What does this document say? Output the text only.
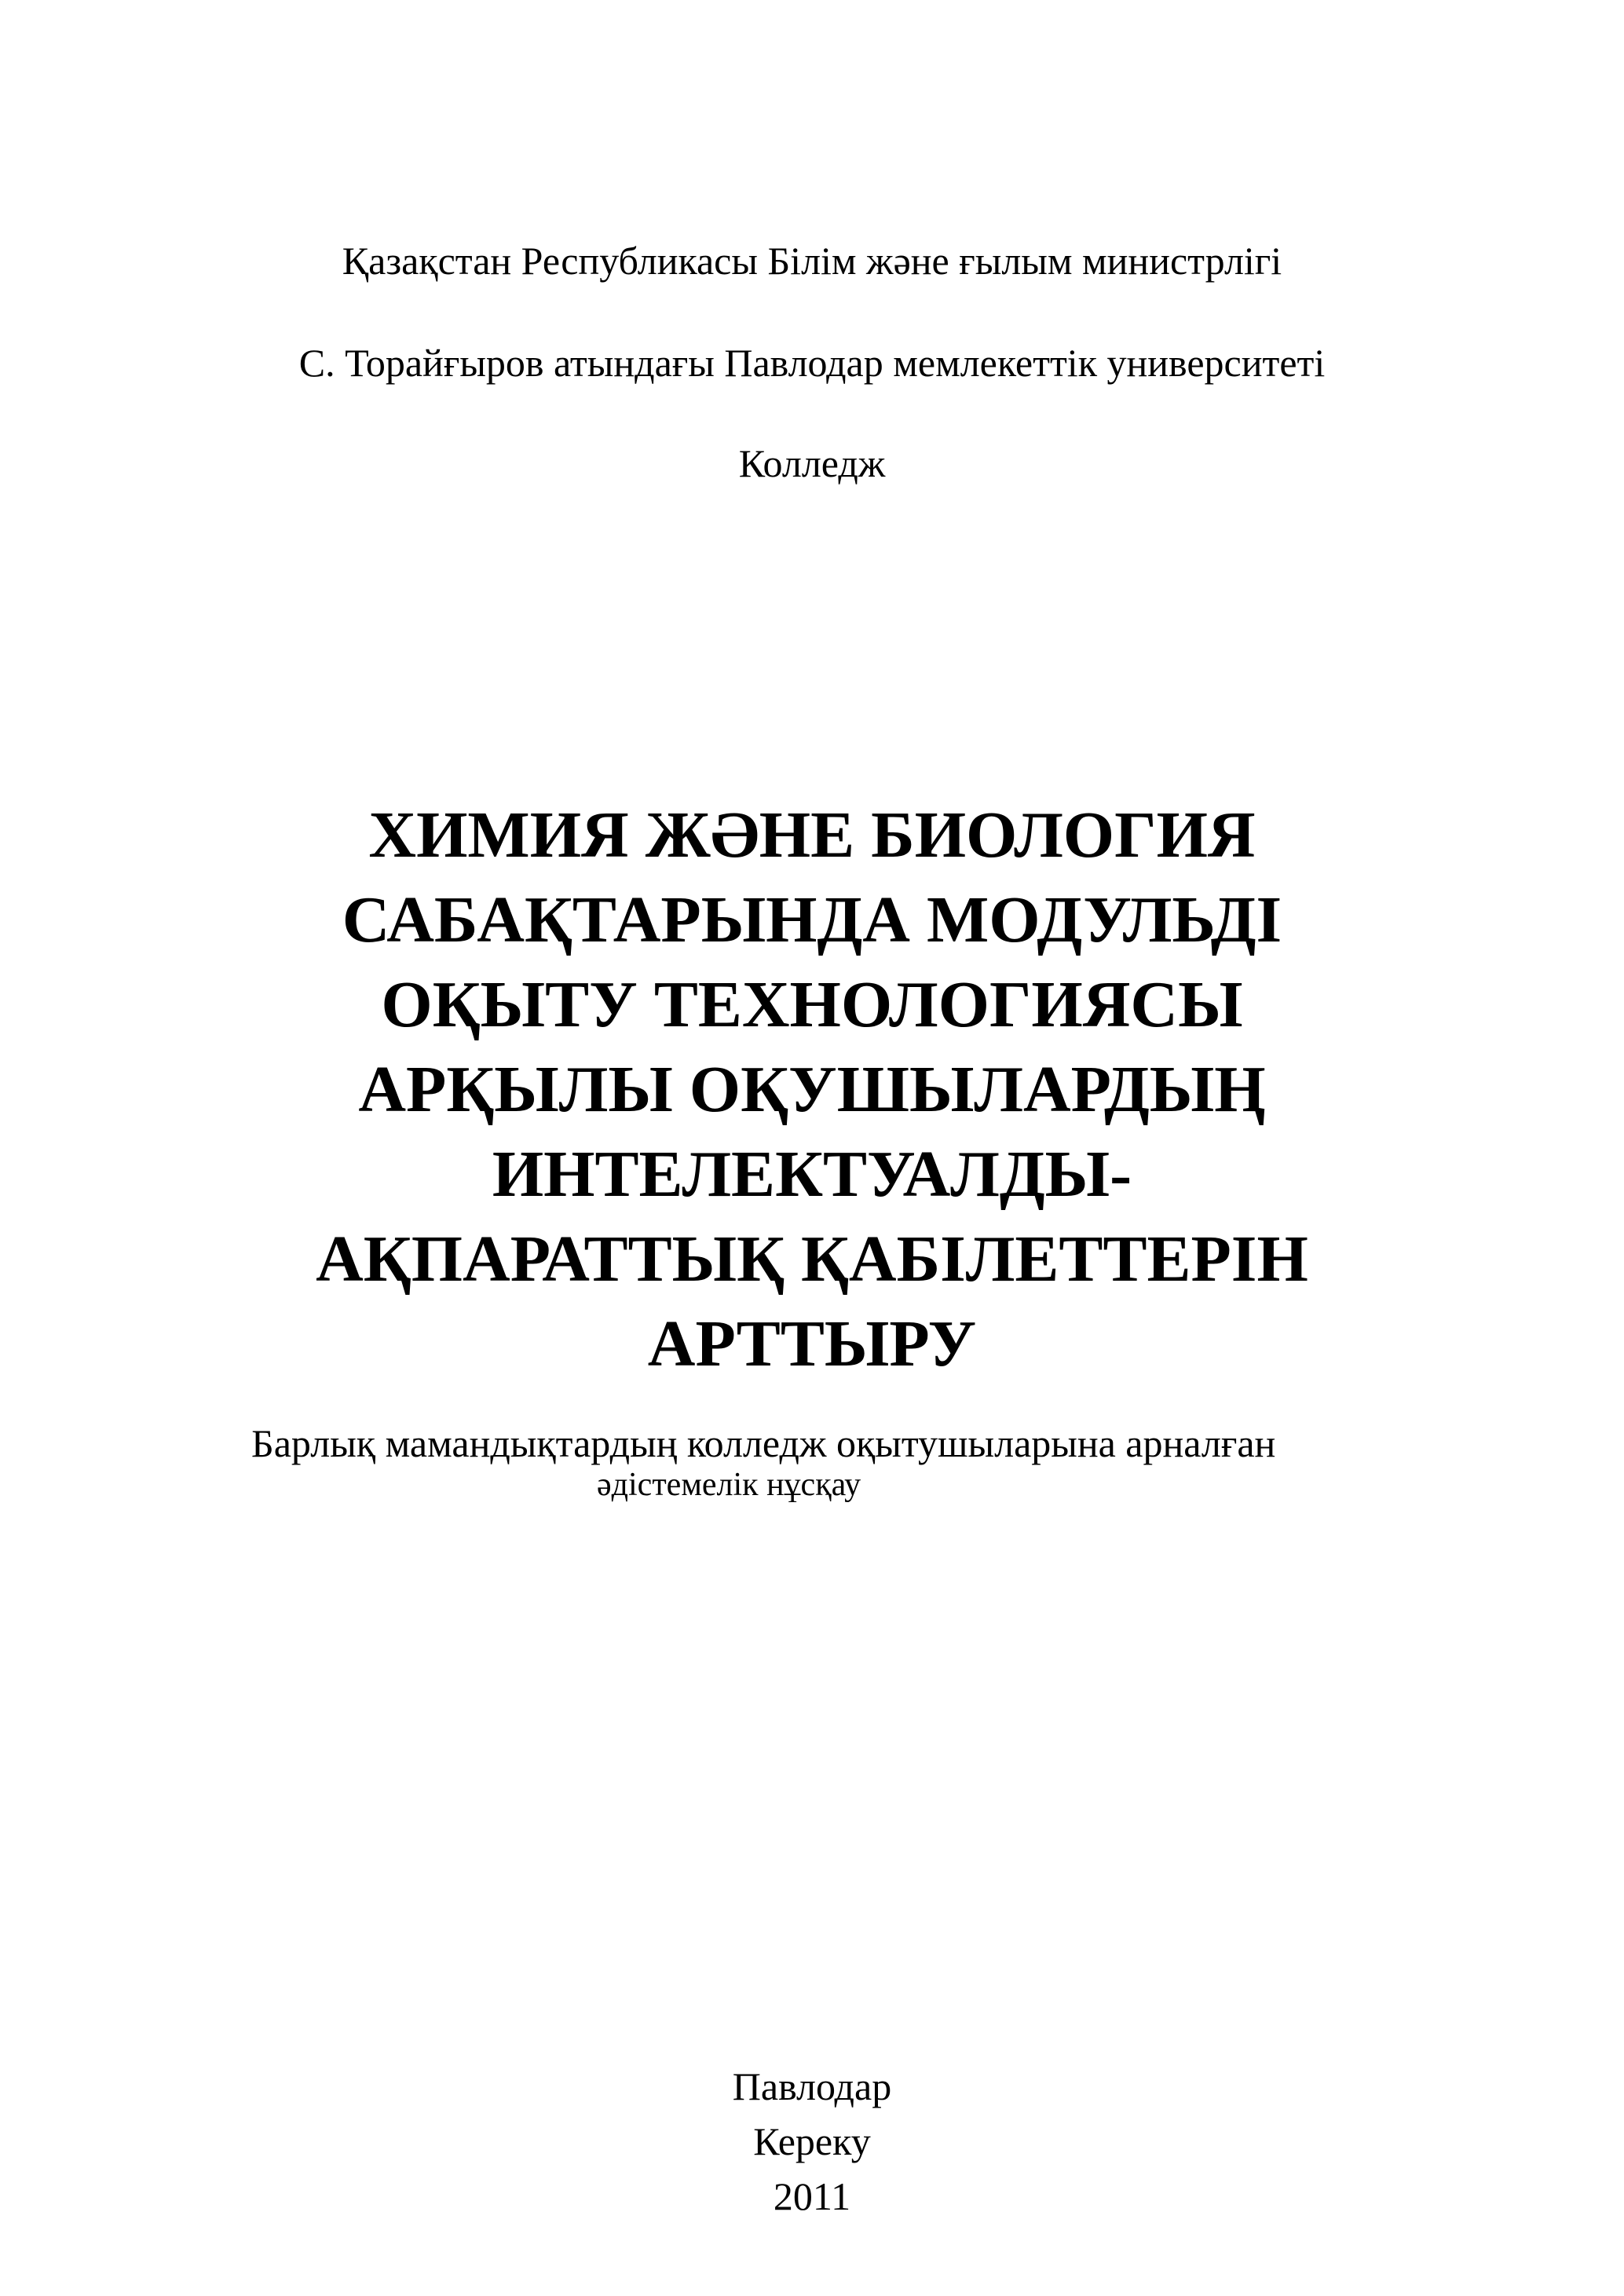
Қазақстан Республикасы Білім және ғылым министрлігі
С. Торайғыров атындағы Павлодар мемлекеттік университеті
Колледж
ХИМИЯ ЖӘНЕ БИОЛОГИЯ
САБАҚТАРЫНДА МОДУЛЬДІ
ОҚЫТУ ТЕХНОЛОГИЯСЫ
АРҚЫЛЫ ОҚУШЫЛАРДЫҢ
ИНТЕЛЕКТУАЛДЫ-
АҚПАРАТТЫҚ ҚАБІЛЕТТЕРІН
АРТТЫРУ
Барлық мамандықтардың колледж оқытушыларына арналған
әдістемелік нұсқау
Павлодар
Кереку
2011
